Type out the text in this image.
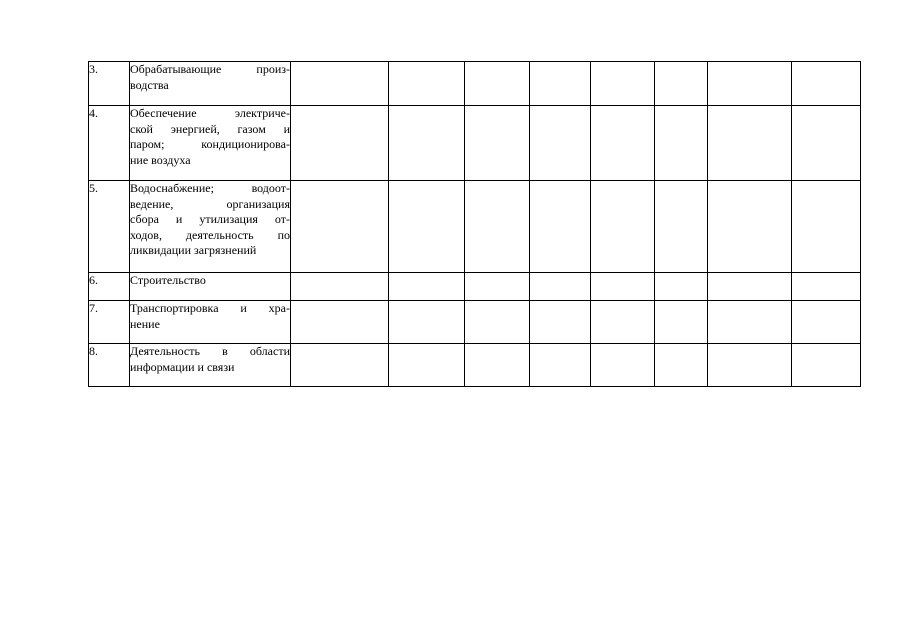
3.	Обрабатывающие произ-
водства								

4.	Обеспечение электриче-
ской энергией, газом и
паром; кондиционирова-
ние воздуха								

5.	Водоснабжение; водоот-
ведение, организация
сбора и утилизация от-
ходов, деятельность по
ликвидации загрязнений								

6.	Строительство								

7.	Транспортировка и хра-
нение								

8.	Деятельность в области
информации и связи								
